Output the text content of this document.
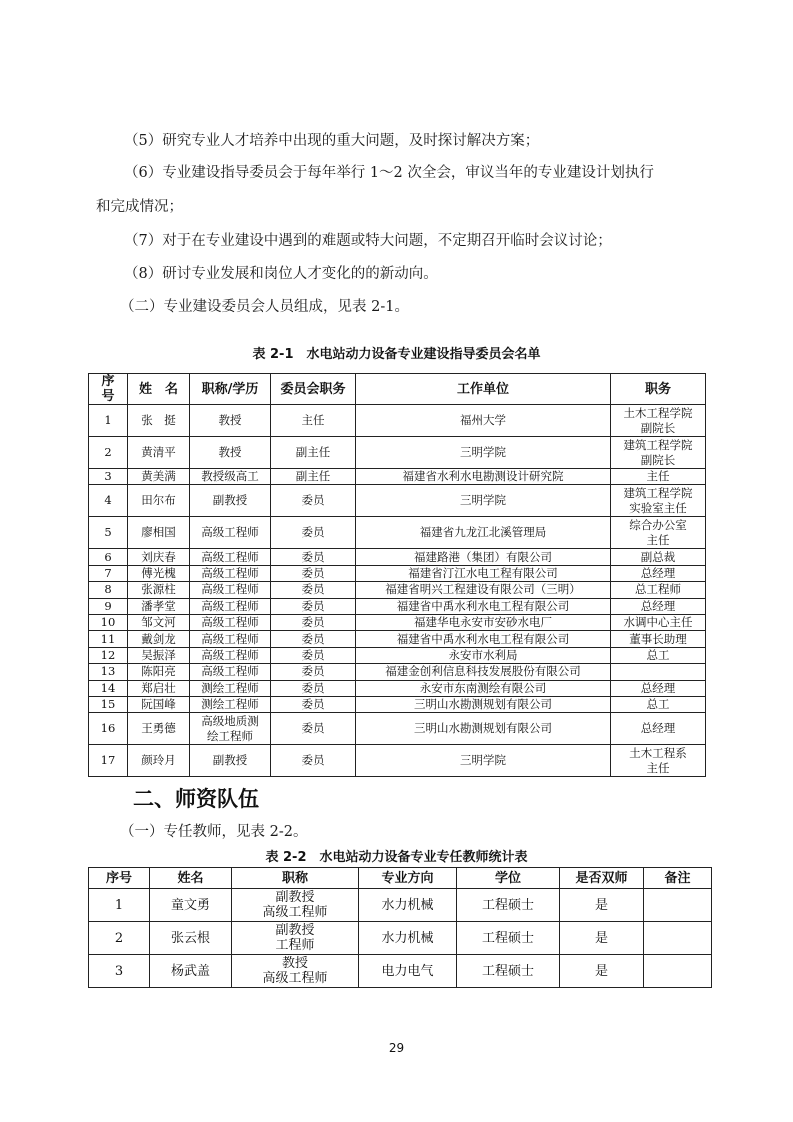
（5）研究专业人才培养中出现的重大问题，及时探讨解决方案；
（6）专业建设指导委员会于每年举行 1～2 次全会，审议当年的专业建设计划执行
和完成情况；
（7）对于在专业建设中遇到的难题或特大问题，不定期召开临时会议讨论；
（8）研讨专业发展和岗位人才变化的的新动向。
（二）专业建设委员会人员组成，见表 2-1。
表 2-1　水电站动力设备专业建设指导委员会名单
序
号	姓　名	职称/学历	委员会职务	工作单位	职务
1	张　挺	教授	主任	福州大学	土木工程学院
副院长
2	黄清平	教授	副主任	三明学院	建筑工程学院
副院长
3	黄美满	教授级高工	副主任	福建省水利水电勘测设计研究院	主任
4	田尔布	副教授	委员	三明学院	建筑工程学院
实验室主任
5	廖相国	高级工程师	委员	福建省九龙江北溪管理局	综合办公室
主任
6	刘庆春	高级工程师	委员	福建路港（集团）有限公司	副总裁
7	傅光槐	高级工程师	委员	福建省汀江水电工程有限公司	总经理
8	张源柱	高级工程师	委员	福建省明兴工程建设有限公司（三明）	总工程师
9	潘孝堂	高级工程师	委员	福建省中禹水利水电工程有限公司	总经理
10	邹文河	高级工程师	委员	福建华电永安市安砂水电厂	水调中心主任
11	戴剑龙	高级工程师	委员	福建省中禹水利水电工程有限公司	董事长助理
12	吴振泽	高级工程师	委员	永安市水利局	总工
13	陈阳亮	高级工程师	委员	福建金创利信息科技发展股份有限公司	
14	郑启壮	测绘工程师	委员	永安市东南测绘有限公司	总经理
15	阮国峰	测绘工程师	委员	三明山水勘测规划有限公司	总工
16	王勇德	高级地质测
绘工程师	委员	三明山水勘测规划有限公司	总经理
17	颜玲月	副教授	委员	三明学院	土木工程系
主任
二、师资队伍
（一）专任教师，见表 2-2。
表 2-2　水电站动力设备专业专任教师统计表
序号	姓名	职称	专业方向	学位	是否双师	备注
1	童文勇	副教授
高级工程师	水力机械	工程硕士	是	
2	张云根	副教授
工程师	水力机械	工程硕士	是	
3	杨武盖	教授
高级工程师	电力电气	工程硕士	是	
29
